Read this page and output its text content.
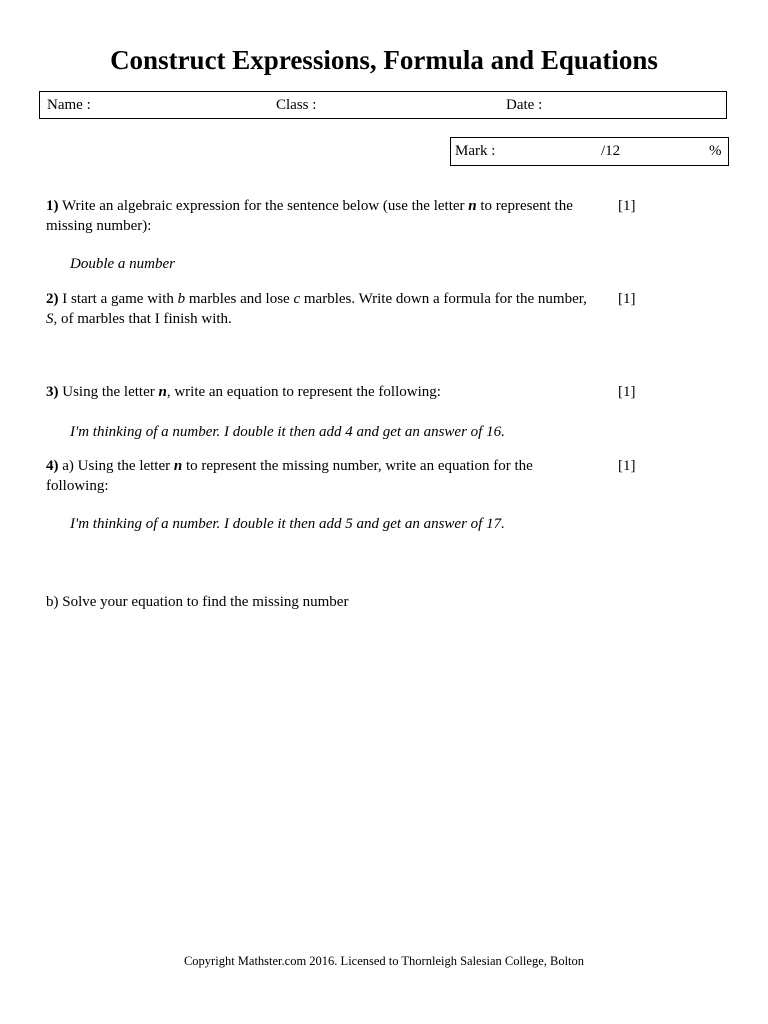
Construct Expressions, Formula and Equations
Name :	Class :	Date :
Mark :	/12	%
1) Write an algebraic expression for the sentence below (use the letter n to represent the missing number):
[1]
Double a number
2) I start a game with b marbles and lose c marbles. Write down a formula for the number,
S, of marbles that I finish with.
[1]
3) Using the letter n, write an equation to represent the following:	[1]
I'm thinking of a number. I double it then add 4 and get an answer of 16.
4) a) Using the letter n to represent the missing number, write an equation for the following:
[1]
I'm thinking of a number. I double it then add 5 and get an answer of 17.
b) Solve your equation to find the missing number
Copyright Mathster.com 2016. Licensed to Thornleigh Salesian College, Bolton
